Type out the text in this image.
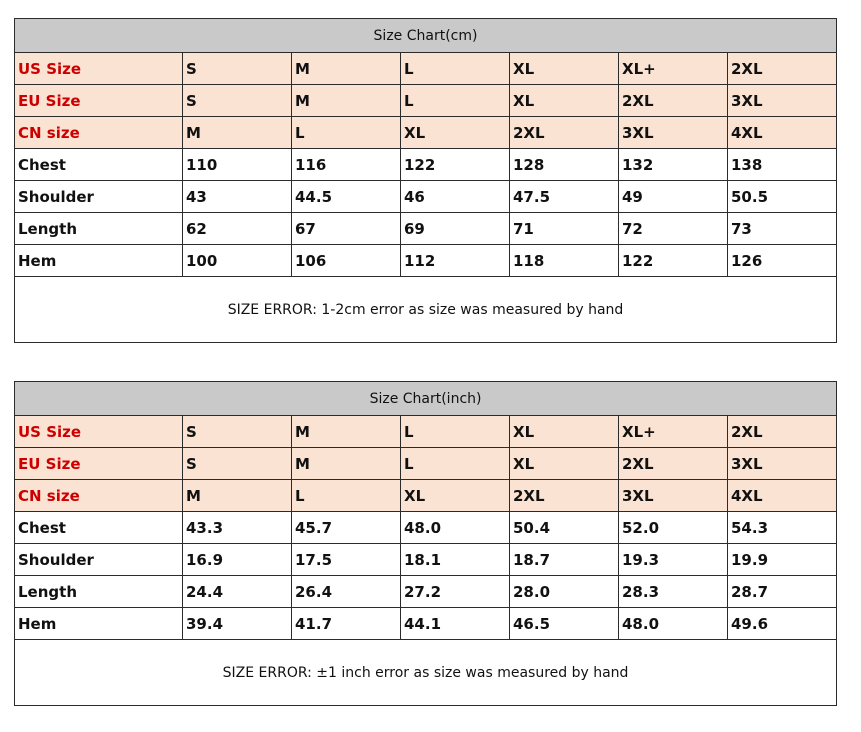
Size Chart(cm)						
US Size	S	M	L	XL	XL+	2XL
EU Size	S	M	L	XL	2XL	3XL
CN size	M	L	XL	2XL	3XL	4XL
Chest	110	116	122	128	132	138
Shoulder	43	44.5	46	47.5	49	50.5
Length	62	67	69	71	72	73
Hem	100	106	112	118	122	126
SIZE ERROR: 1-2cm error as size was measured by hand						
Size Chart(inch)						
US Size	S	M	L	XL	XL+	2XL
EU Size	S	M	L	XL	2XL	3XL
CN size	M	L	XL	2XL	3XL	4XL
Chest	43.3	45.7	48.0	50.4	52.0	54.3
Shoulder	16.9	17.5	18.1	18.7	19.3	19.9
Length	24.4	26.4	27.2	28.0	28.3	28.7
Hem	39.4	41.7	44.1	46.5	48.0	49.6
SIZE ERROR: ±1 inch error as size was measured by hand						
